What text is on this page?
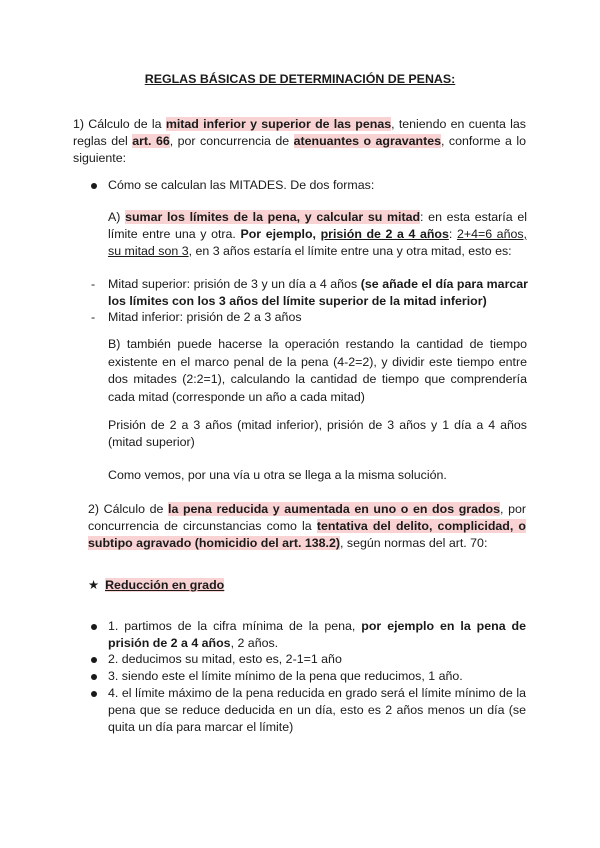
REGLAS BÁSICAS DE DETERMINACIÓN DE PENAS:
1) Cálculo de la mitad inferior y superior de las penas, teniendo en cuenta las reglas del art. 66, por concurrencia de atenuantes o agravantes, conforme a lo siguiente:
Cómo se calculan las MITADES. De dos formas:
A) sumar los límites de la pena, y calcular su mitad: en esta estaría el límite entre una y otra. Por ejemplo, prisión de 2 a 4 años: 2+4=6 años, su mitad son 3, en 3 años estaría el límite entre una y otra mitad, esto es:
- Mitad superior: prisión de 3 y un día a 4 años (se añade el día para marcar los límites con los 3 años del límite superior de la mitad inferior)
- Mitad inferior: prisión de 2 a 3 años
B) también puede hacerse la operación restando la cantidad de tiempo existente en el marco penal de la pena (4-2=2), y dividir este tiempo entre dos mitades (2:2=1), calculando la cantidad de tiempo que comprendería cada mitad (corresponde un año a cada mitad)
Prisión de 2 a 3 años (mitad inferior), prisión de 3 años y 1 día a 4 años (mitad superior)
Como vemos, por una vía u otra se llega a la misma solución.
2) Cálculo de la pena reducida y aumentada en uno o en dos grados, por concurrencia de circunstancias como la tentativa del delito, complicidad, o subtipo agravado (homicidio del art. 138.2), según normas del art. 70:
★ Reducción en grado
1. partimos de la cifra mínima de la pena, por ejemplo en la pena de prisión de 2 a 4 años, 2 años.
2. deducimos su mitad, esto es, 2-1=1 año
3. siendo este el límite mínimo de la pena que reducimos, 1 año.
4. el límite máximo de la pena reducida en grado será el límite mínimo de la pena que se reduce deducida en un día, esto es 2 años menos un día (se quita un día para marcar el límite)
